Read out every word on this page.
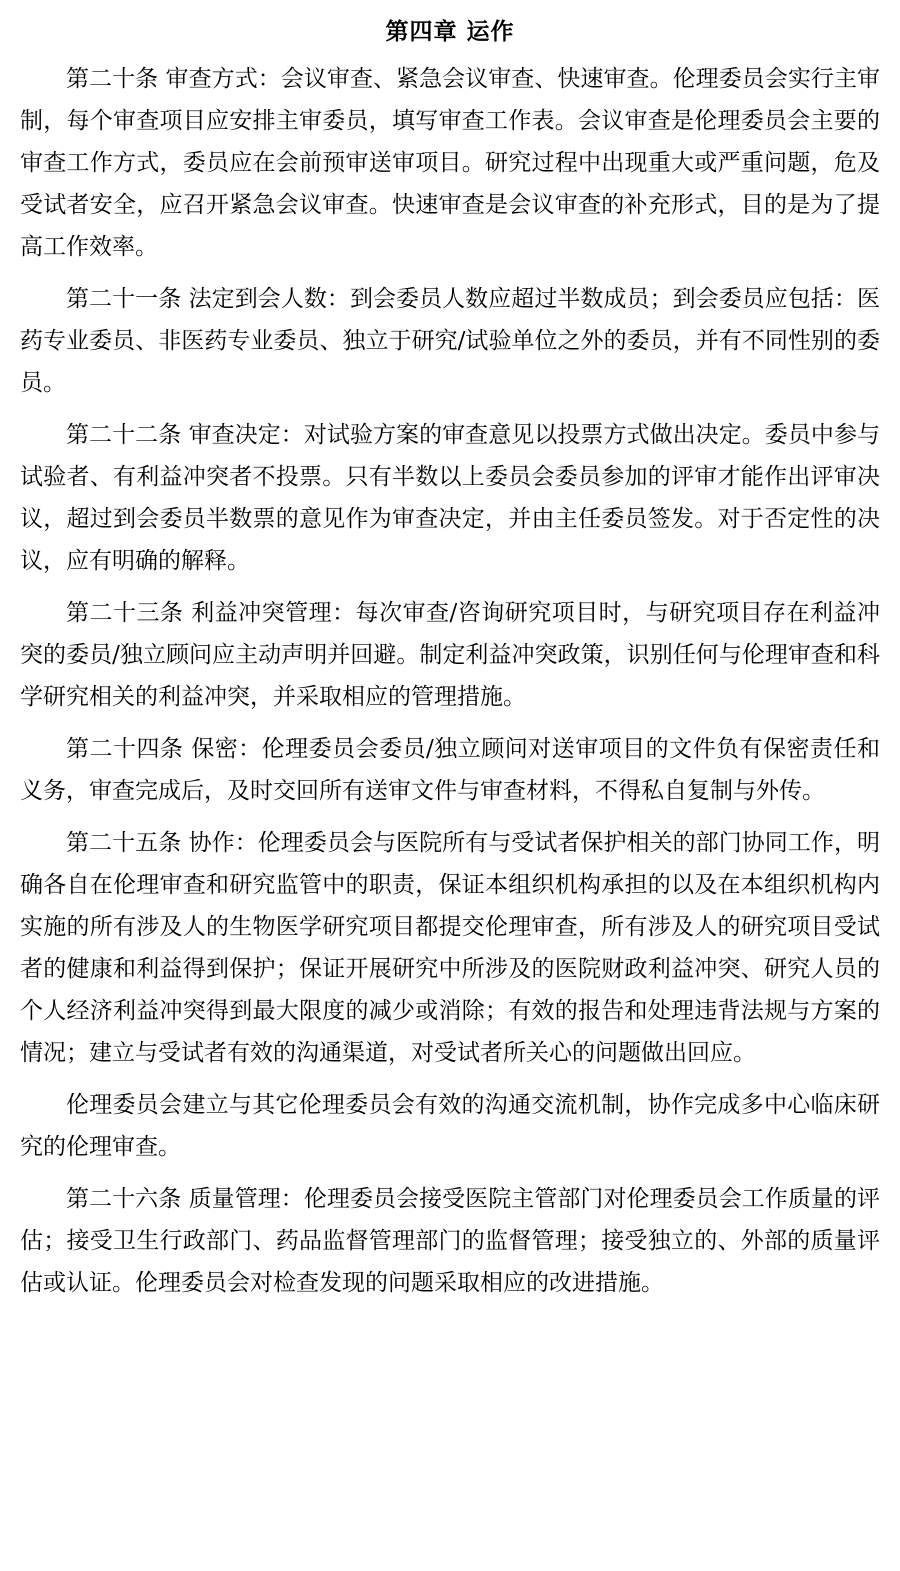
第四章 运作

第二十条 审查方式：会议审查、紧急会议审查、快速审查。伦理委员会实行主审制，每个审查项目应安排主审委员，填写审查工作表。会议审查是伦理委员会主要的审查工作方式，委员应在会前预审送审项目。研究过程中出现重大或严重问题，危及受试者安全，应召开紧急会议审查。快速审查是会议审查的补充形式，目的是为了提高工作效率。

第二十一条 法定到会人数：到会委员人数应超过半数成员；到会委员应包括：医药专业委员、非医药专业委员、独立于研究/试验单位之外的委员，并有不同性别的委员。

第二十二条 审查决定：对试验方案的审查意见以投票方式做出决定。委员中参与试验者、有利益冲突者不投票。只有半数以上委员会委员参加的评审才能作出评审决议，超过到会委员半数票的意见作为审查决定，并由主任委员签发。对于否定性的决议，应有明确的解释。

第二十三条 利益冲突管理：每次审查/咨询研究项目时，与研究项目存在利益冲突的委员/独立顾问应主动声明并回避。制定利益冲突政策，识别任何与伦理审查和科学研究相关的利益冲突，并采取相应的管理措施。

第二十四条 保密：伦理委员会委员/独立顾问对送审项目的文件负有保密责任和义务，审查完成后，及时交回所有送审文件与审查材料，不得私自复制与外传。

第二十五条 协作：伦理委员会与医院所有与受试者保护相关的部门协同工作，明确各自在伦理审查和研究监管中的职责，保证本组织机构承担的以及在本组织机构内实施的所有涉及人的生物医学研究项目都提交伦理审查，所有涉及人的研究项目受试者的健康和利益得到保护；保证开展研究中所涉及的医院财政利益冲突、研究人员的个人经济利益冲突得到最大限度的减少或消除；有效的报告和处理违背法规与方案的情况；建立与受试者有效的沟通渠道，对受试者所关心的问题做出回应。

伦理委员会建立与其它伦理委员会有效的沟通交流机制，协作完成多中心临床研究的伦理审查。

第二十六条 质量管理：伦理委员会接受医院主管部门对伦理委员会工作质量的评估；接受卫生行政部门、药品监督管理部门的监督管理；接受独立的、外部的质量评估或认证。伦理委员会对检查发现的问题采取相应的改进措施。
